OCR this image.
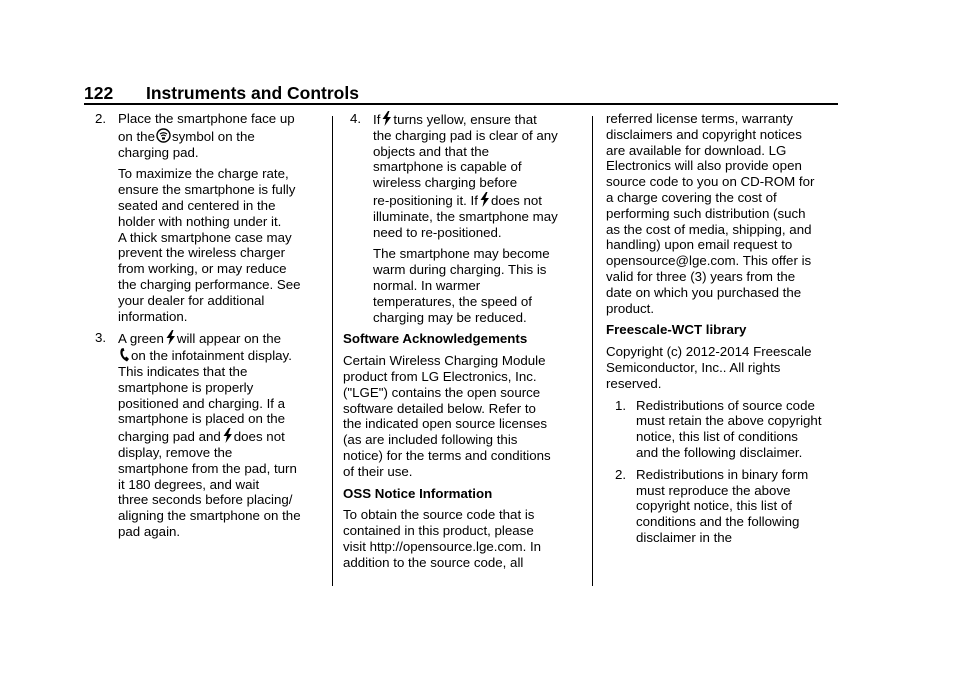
122 Instruments and Controls
2. Place the smartphone face up

on the symbol on the

charging pad.

To maximize the charge rate,

ensure the smartphone is fully

seated and centered in the

holder with nothing under it.

A thick smartphone case may

prevent the wireless charger

from working, or may reduce

the charging performance. See

your dealer for additional

information.

3. A green will appear on the

on the infotainment display.

This indicates that the

smartphone is properly

positioned and charging. If a

smartphone is placed on the

charging pad and does not

display, remove the

smartphone from the pad, turn

it 180 degrees, and wait

three seconds before placing/

aligning the smartphone on the

pad again.

4. If turns yellow, ensure that

the charging pad is clear of any

objects and that the

smartphone is capable of

wireless charging before

re-positioning it. If does not

illuminate, the smartphone may

need to re-positioned.

The smartphone may become

warm during charging. This is

normal. In warmer

temperatures, the speed of

charging may be reduced.

Software Acknowledgements

Certain Wireless Charging Module

product from LG Electronics, Inc.

("LGE") contains the open source

software detailed below. Refer to

the indicated open source licenses

(as are included following this

notice) for the terms and conditions

of their use.

OSS Notice Information

To obtain the source code that is

contained in this product, please

visit http://opensource.lge.com. In

addition to the source code, all

referred license terms, warranty

disclaimers and copyright notices

are available for download. LG

Electronics will also provide open

source code to you on CD-ROM for

a charge covering the cost of

performing such distribution (such

as the cost of media, shipping, and

handling) upon email request to

opensource@lge.com. This offer is

valid for three (3) years from the

date on which you purchased the

product.

Freescale-WCT library

Copyright (c) 2012-2014 Freescale

Semiconductor, Inc.. All rights

reserved.

1. Redistributions of source code

must retain the above copyright

notice, this list of conditions

and the following disclaimer.

2. Redistributions in binary form

must reproduce the above

copyright notice, this list of

conditions and the following

disclaimer in the
